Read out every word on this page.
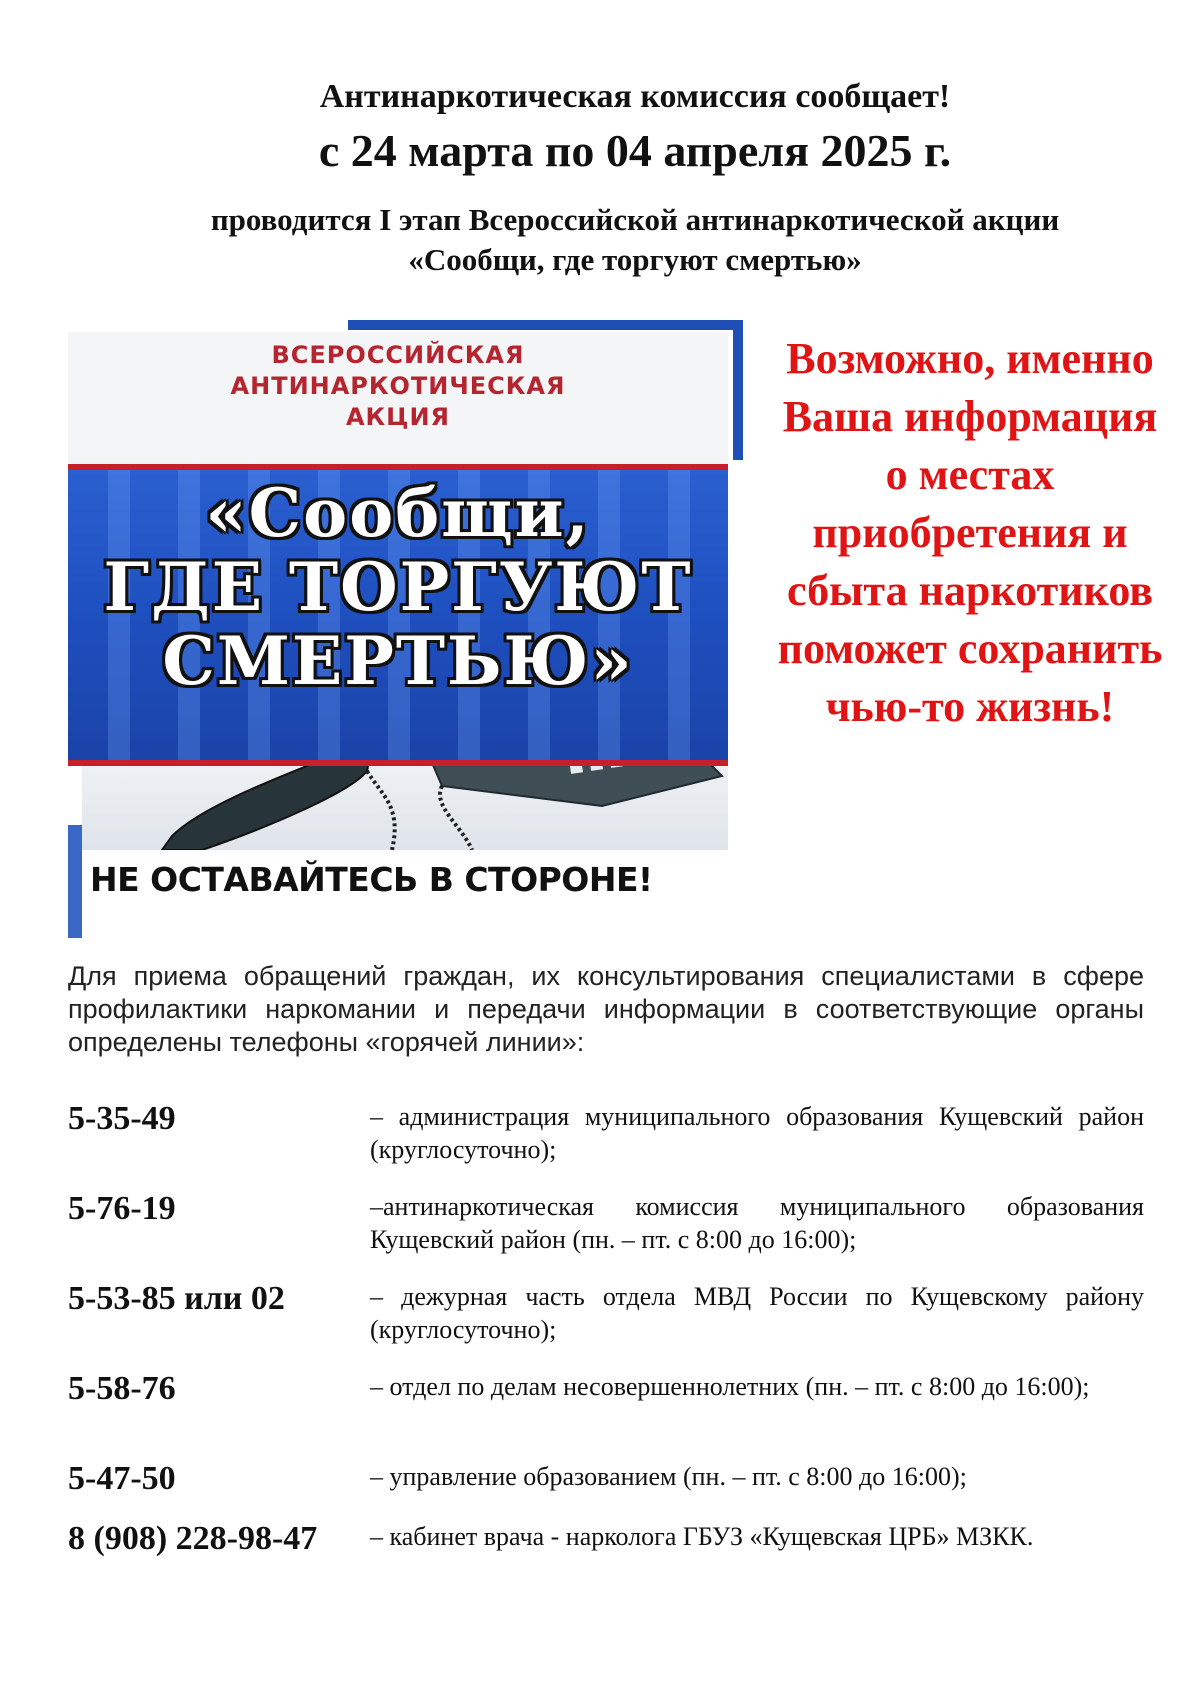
Антинаркотическая комиссия сообщает!
с 24 марта по 04 апреля 2025 г.
проводится I этап Всероссийской антинаркотической акции «Сообщи, где торгуют смертью»
ВСЕРОССИЙСКАЯ
АНТИНАРКОТИЧЕСКАЯ
АКЦИЯ
«Сообщи,
ГДЕ ТОРГУЮТ
СМЕРТЬЮ»
НЕ ОСТАВАЙТЕСЬ В СТОРОНЕ!
Возможно, именно Ваша информация о местах приобретения и сбыта наркотиков поможет сохранить чью-то жизнь!
Для приема обращений граждан, их консультирования специалистами в сфере профилактики наркомании и передачи информации в соответствующие органы определены телефоны «горячей линии»:
5-35-49	– администрация муниципального образования Кущевский район (круглосуточно);
5-76-19	–антинаркотическая комиссия муниципального образования Кущевский район (пн. – пт. с 8:00 до 16:00);
5-53-85 или 02	– дежурная часть отдела МВД России по Кущевскому району (круглосуточно);
5-58-76	– отдел по делам несовершеннолетних (пн. – пт. с 8:00 до 16:00);
5-47-50	– управление образованием (пн. – пт. с 8:00 до 16:00);
8 (908) 228-98-47 – кабинет врача - нарколога ГБУЗ «Кущевская ЦРБ» МЗКК.
